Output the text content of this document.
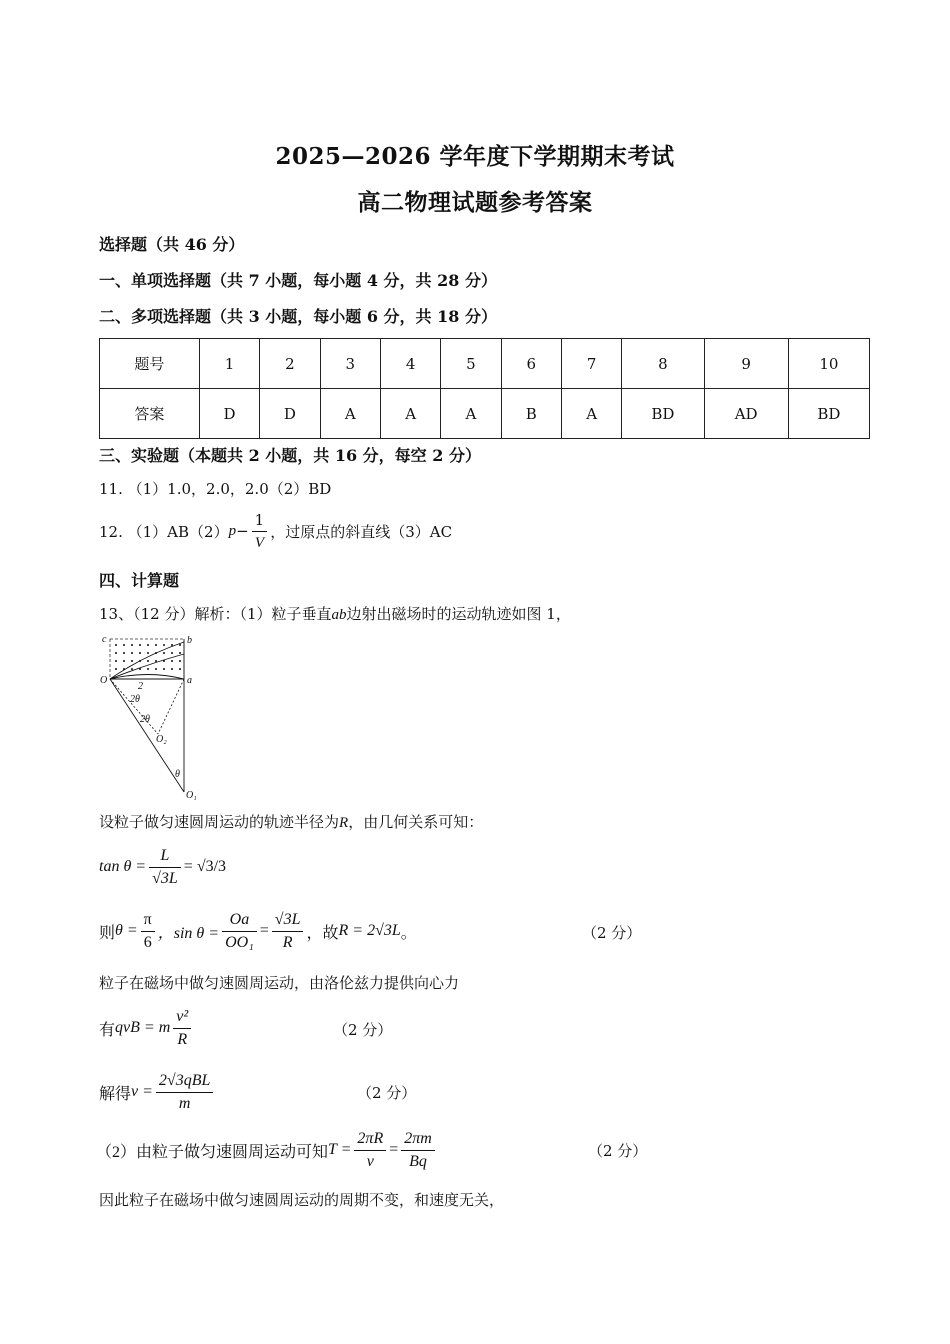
2025—2026 学年度下学期期末考试
高二物理试题参考答案
选择题（共 46 分）
一、单项选择题（共 7 小题，每小题 4 分，共 28 分）
二、多项选择题（共 3 小题，每小题 6 分，共 18 分）
题号	1	2	3	4	5	6	7	8	9	10
答案	D	D	A	A	A	B	A	BD	AD	BD
三、实验题（本题共 2 小题，共 16 分，每空 2 分）
11. （1）1.0，2.0，2.0（2）BD
12. （1）AB（2） $p - \frac{1}{V}$ ，过原点的斜直线（3）AC
四、计算题
13、（12 分）解析：（1）粒子垂直ab边射出磁场时的运动轨迹如图 1，
c	b
O	a
2
2θ
2θ
O₂
θ
O₁
设粒子做匀速圆周运动的轨迹半径为R，由几何关系可知：
$\tan \theta = \frac{L}{√3L} = √3/3$
则 $\theta = \frac{\pi}{6}$ ，$\sin \theta = \frac{Oa}{\text{OO₁}} = \frac{√3L}{R}$ ，故 R = 2√3L 。	（2 分）
粒子在磁场中做匀速圆周运动，由洛伦兹力提供向心力
有 qvB = m $\frac{\text{v²}}{R}$	（2 分）
解得 $v = \frac{\text{2√3qBL}}{m}$	（2 分）
（2）由粒子做匀速圆周运动可知 $T = \frac{2\pi R}{v} = \frac{2\pi m}{Bq}$	（2 分）
因此粒子在磁场中做匀速圆周运动的周期不变，和速度无关，
